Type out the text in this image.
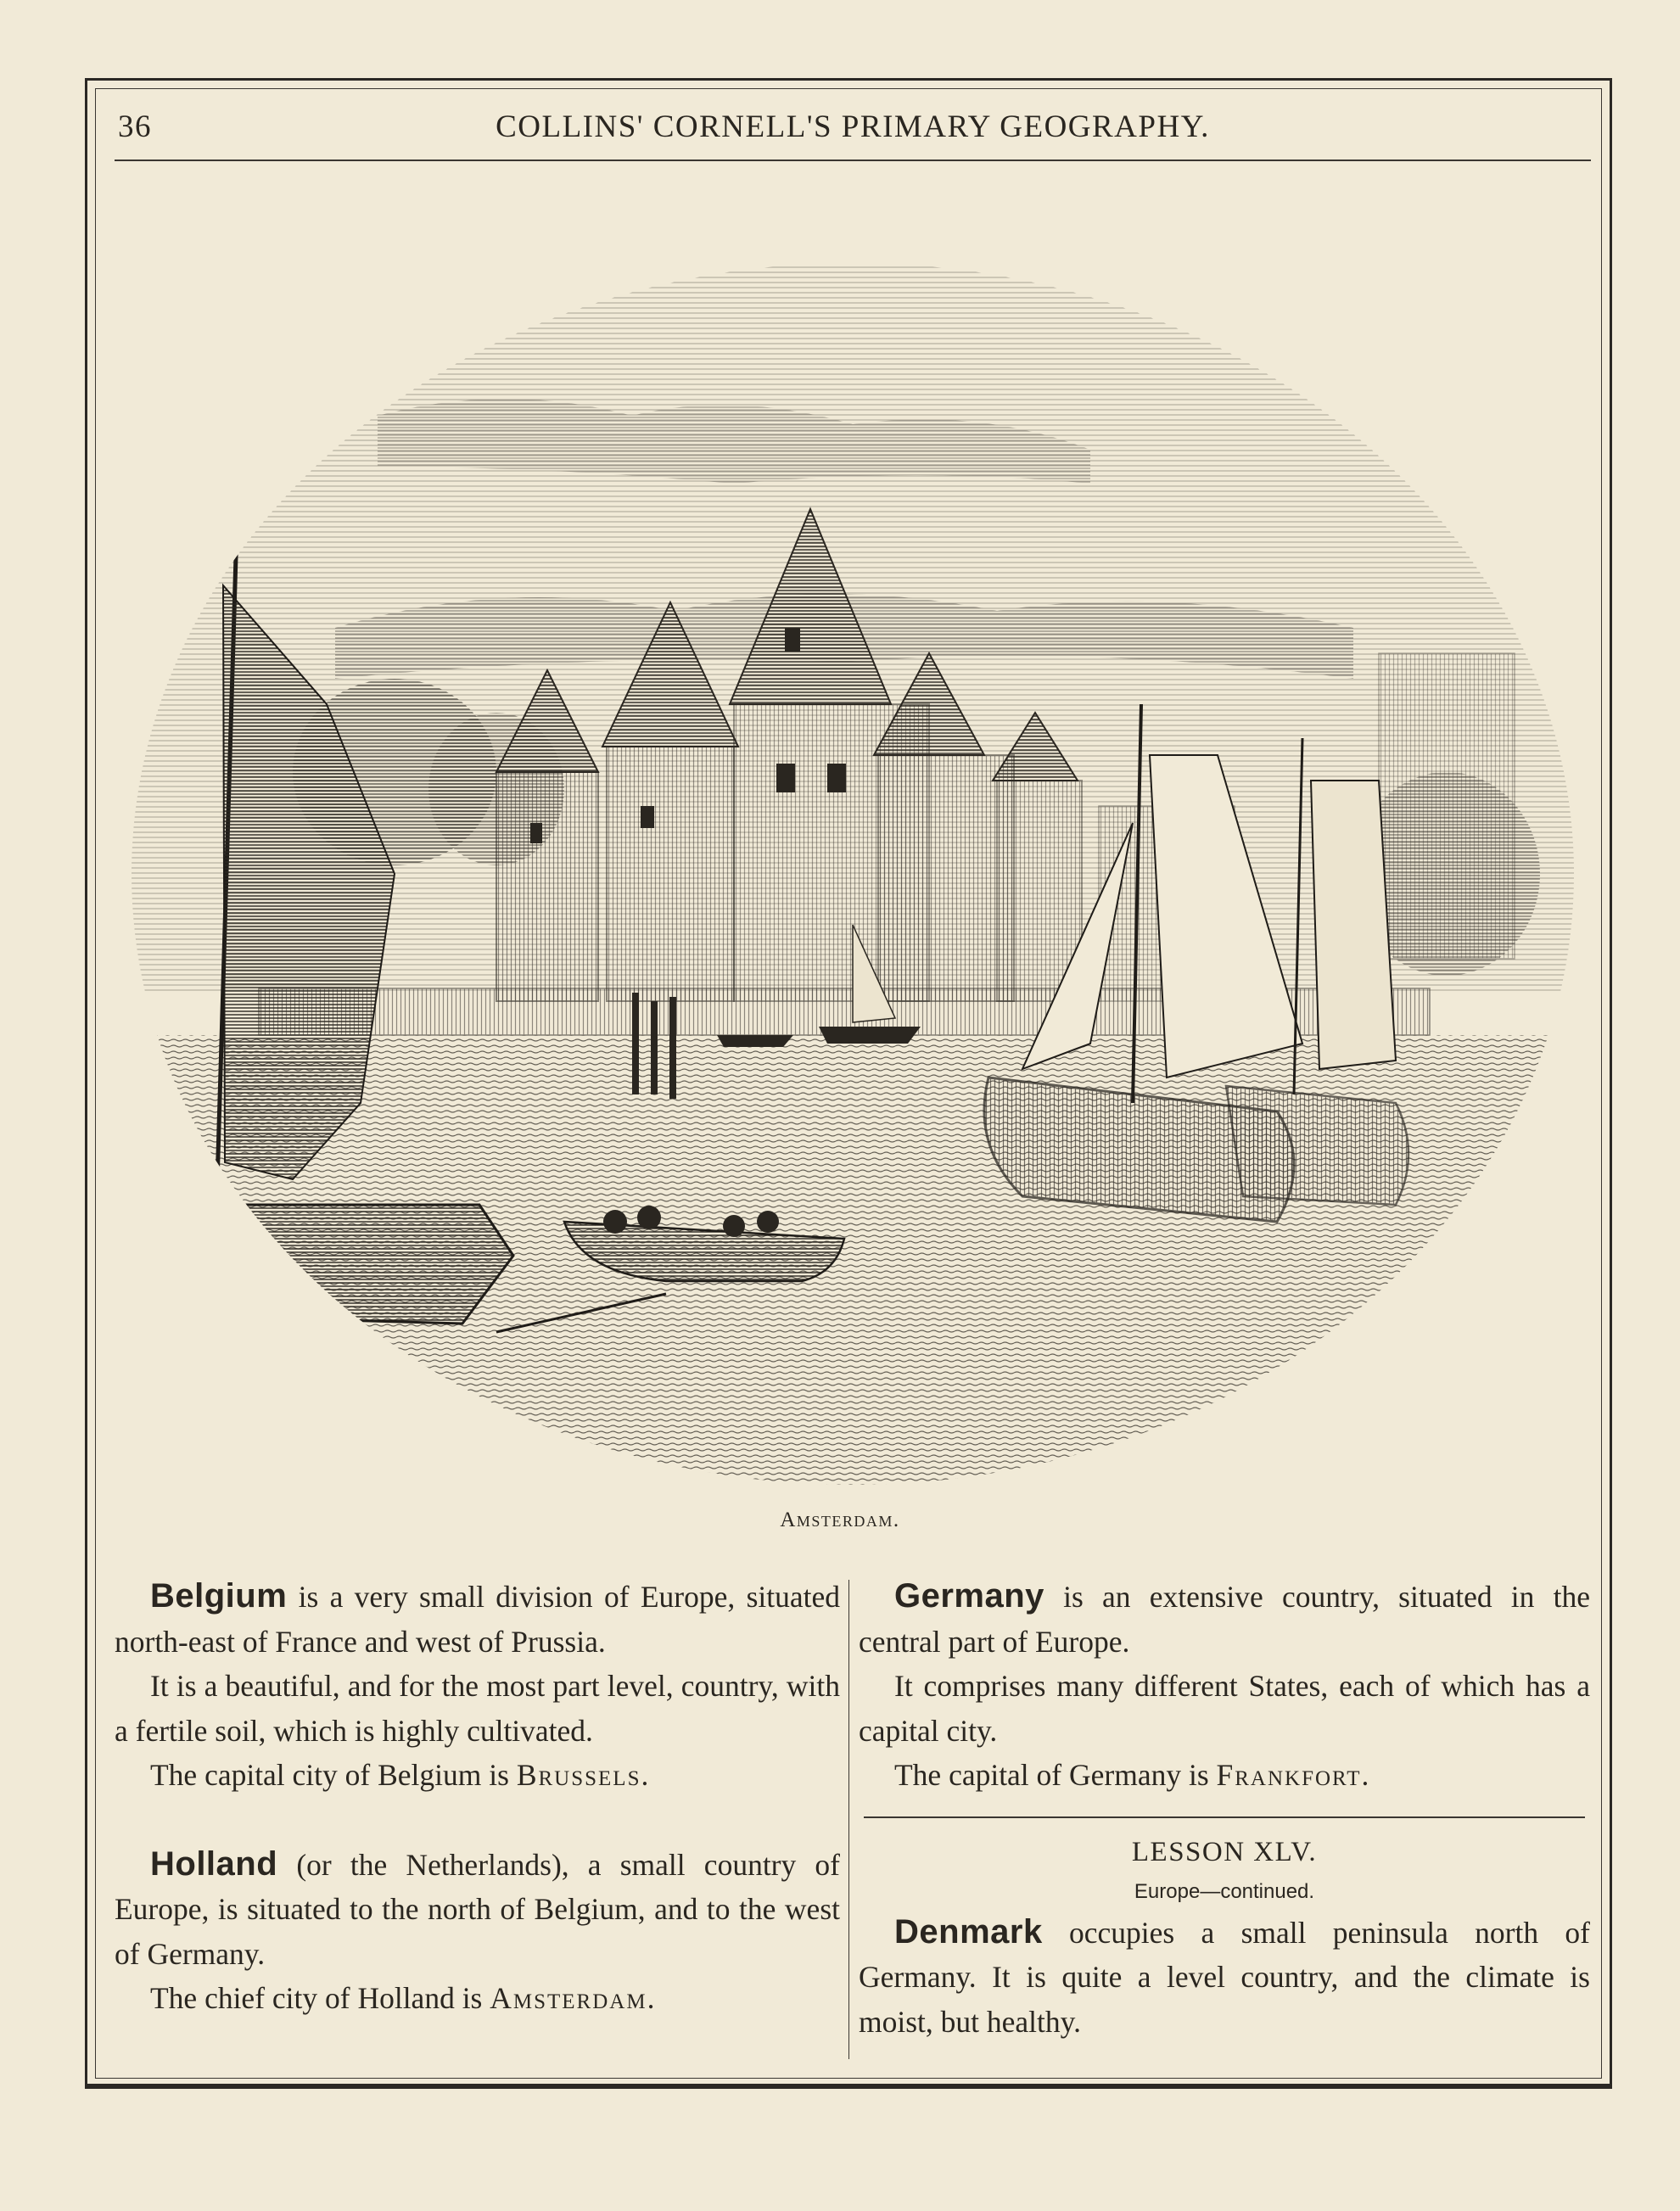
36	COLLINS' CORNELL'S PRIMARY GEOGRAPHY.
Amsterdam.

Belgium is a very small division of Europe, situated north-east of France and west of Prussia.

It is a beautiful, and for the most part level, country, with a fertile soil, which is highly cultivated.

The capital city of Belgium is Brussels.

Holland (or the Netherlands), a small country of Europe, is situated to the north of Belgium, and to the west of Germany.

The chief city of Holland is Amsterdam.

Germany is an extensive country, situated in the central part of Europe.

It comprises many different States, each of which has a capital city.

The capital of Germany is Frankfort.

LESSON XLV.
Europe—continued.

Denmark occupies a small peninsula north of Germany. It is quite a level country, and the climate is moist, but healthy.
